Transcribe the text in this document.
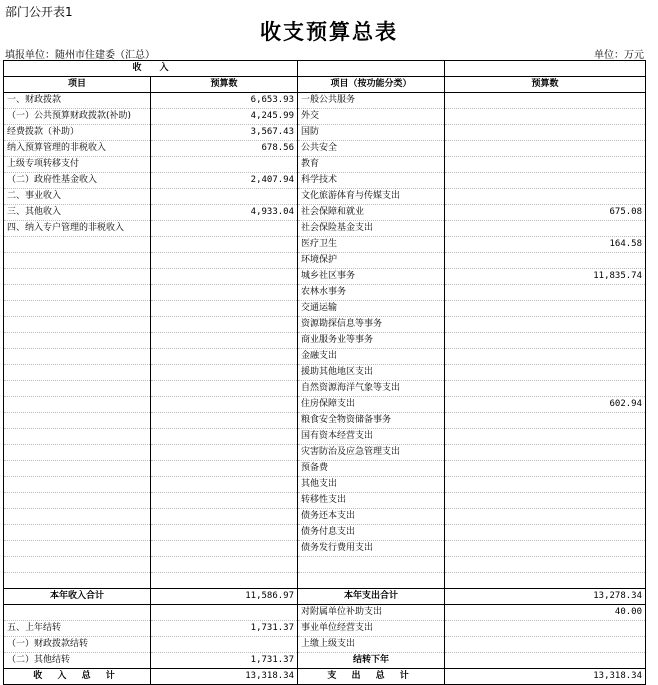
部门公开表1
收支预算总表
填报单位：随州市住建委（汇总）	单位：万元
收　　入			
项目	预算数	项目（按功能分类）	预算数
一、财政拨款	6,653.93	一般公共服务	
（一）公共预算财政拨款(补助)	4,245.99	外交	
经费拨款（补助）	3,567.43	国防	
纳入预算管理的非税收入	678.56	公共安全	
上级专项转移支付		教育	
（二）政府性基金收入	2,407.94	科学技术	
二、事业收入		文化旅游体育与传媒支出	
三、其他收入	4,933.04	社会保障和就业	675.08
四、纳入专户管理的非税收入		社会保险基金支出	
		医疗卫生	164.58
		环境保护	
		城乡社区事务	11,835.74
		农林水事务	
		交通运输	
		资源勘探信息等事务	
		商业服务业等事务	
		金融支出	
		援助其他地区支出	
		自然资源海洋气象等支出	
		住房保障支出	602.94
		粮食安全物资储备事务	
		国有资本经营支出	
		灾害防治及应急管理支出	
		预备费	
		其他支出	
		转移性支出	
		债务还本支出	
		债务付息支出	
		债务发行费用支出	

本年收入合计	11,586.97	本年支出合计	13,278.34
		对附属单位补助支出	40.00
五、上年结转	1,731.37	事业单位经营支出	
（一）财政拨款结转		上缴上级支出	
（二）其他结转	1,731.37	结转下年	
收 入 总 计	13,318.34	支 出 总 计	13,318.34
